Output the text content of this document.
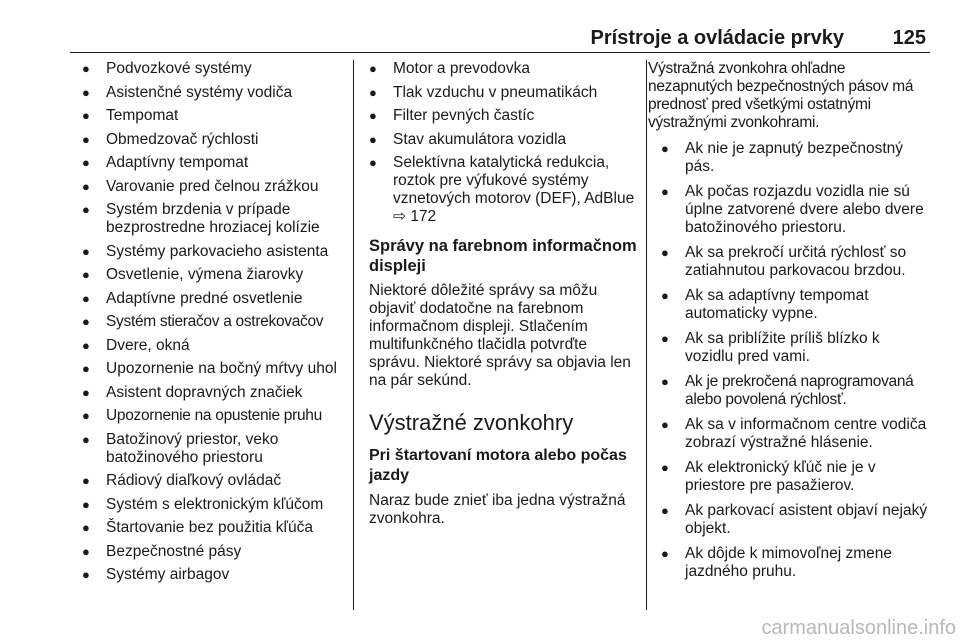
Prístroje a ovládacie prvky 125
● Podvozkové systémy
● Asistenčné systémy vodiča
● Tempomat
● Obmedzovač rýchlosti
● Adaptívny tempomat
● Varovanie pred čelnou zrážkou
● Systém brzdenia v prípade bezprostredne hroziacej kolízie
● Systémy parkovacieho asistenta
● Osvetlenie, výmena žiarovky
● Adaptívne predné osvetlenie
● Systém stieračov a ostrekovačov
● Dvere, okná
● Upozornenie na bočný mŕtvy uhol
● Asistent dopravných značiek
● Upozornenie na opustenie pruhu
● Batožinový priestor, veko batožinového priestoru
● Rádiový diaľkový ovládač
● Systém s elektronickým kľúčom
● Štartovanie bez použitia kľúča
● Bezpečnostné pásy
● Systémy airbagov
● Motor a prevodovka
● Tlak vzduchu v pneumatikách
● Filter pevných častíc
● Stav akumulátora vozidla
● Selektívna katalytická redukcia, roztok pre výfukové systémy vznetových motorov (DEF), AdBlue ⇨ 172
Správy na farebnom informačnom displeji

Niektoré dôležité správy sa môžu objaviť dodatočne na farebnom informačnom displeji. Stlačením multifunkčného tlačidla potvrďte správu. Niektoré správy sa objavia len na pár sekúnd.

Výstražné zvonkohry
Pri štartovaní motora alebo počas jazdy

Naraz bude znieť iba jedna výstražná zvonkohra.

Výstražná zvonkohra ohľadne nezapnutých bezpečnostných pásov má prednosť pred všetkými ostatnými výstražnými zvonkohrami.

● Ak nie je zapnutý bezpečnostný pás.
● Ak počas rozjazdu vozidla nie sú úplne zatvorené dvere alebo dvere batožinového priestoru.
● Ak sa prekročí určitá rýchlosť so zatiahnutou parkovacou brzdou.
● Ak sa adaptívny tempomat automaticky vypne.
● Ak sa priblížite príliš blízko k vozidlu pred vami.
● Ak je prekročená naprogramovaná alebo povolená rýchlosť.
● Ak sa v informačnom centre vodiča zobrazí výstražné hlásenie.
● Ak elektronický kľúč nie je v priestore pre pasažierov.
● Ak parkovací asistent objaví nejaký objekt.
● Ak dôjde k mimovoľnej zmene jazdného pruhu.
carmanualsonline.info
